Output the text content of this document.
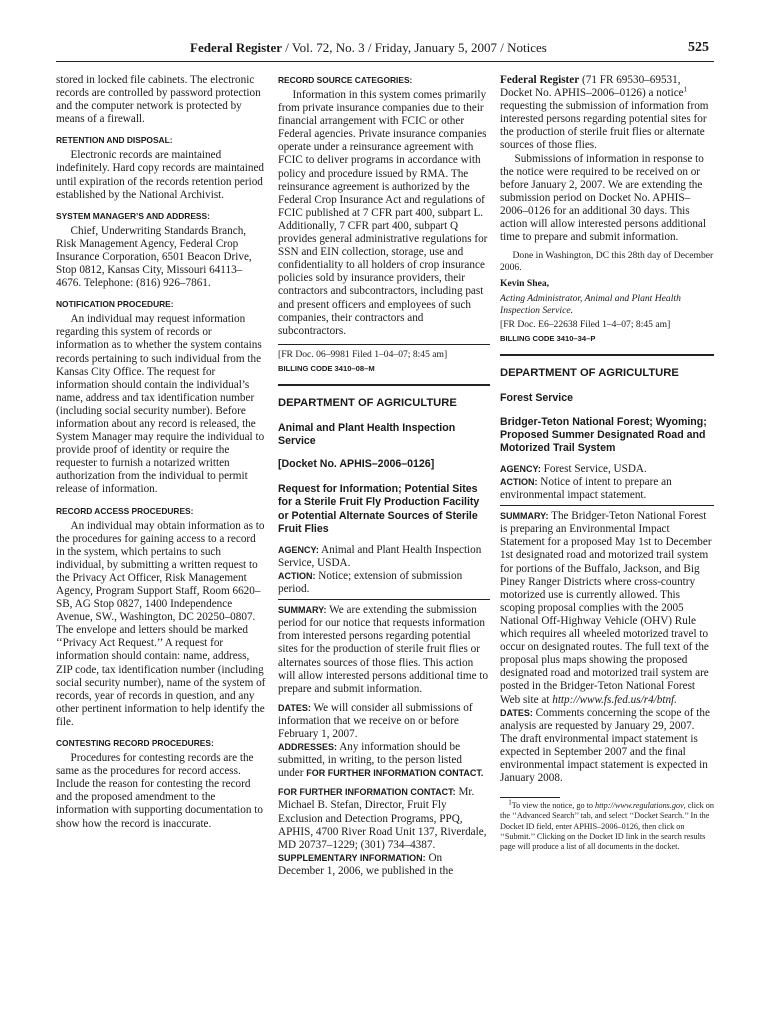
Federal Register / Vol. 72, No. 3 / Friday, January 5, 2007 / Notices	525

stored in locked file cabinets. The electronic records are controlled by password protection and the computer network is protected by means of a firewall.

RETENTION AND DISPOSAL:

Electronic records are maintained indefinitely. Hard copy records are maintained until expiration of the records retention period established by the National Archivist.

SYSTEM MANAGER’S AND ADDRESS:

Chief, Underwriting Standards Branch, Risk Management Agency, Federal Crop Insurance Corporation, 6501 Beacon Drive, Stop 0812, Kansas City, Missouri 64113–4676. Telephone: (816) 926–7861.

NOTIFICATION PROCEDURE:

An individual may request information regarding this system of records or information as to whether the system contains records pertaining to such individual from the Kansas City Office. The request for information should contain the individual’s name, address and tax identification number (including social security number). Before information about any record is released, the System Manager may require the individual to provide proof of identity or require the requester to furnish a notarized written authorization from the individual to permit release of information.

RECORD ACCESS PROCEDURES:

An individual may obtain information as to the procedures for gaining access to a record in the system, which pertains to such individual, by submitting a written request to the Privacy Act Officer, Risk Management Agency, Program Support Staff, Room 6620–SB, AG Stop 0827, 1400 Independence Avenue, SW., Washington, DC 20250–0807. The envelope and letters should be marked ‘‘Privacy Act Request.’’ A request for information should contain: name, address, ZIP code, tax identification number (including social security number), name of the system of records, year of records in question, and any other pertinent information to help identify the file.

CONTESTING RECORD PROCEDURES:

Procedures for contesting records are the same as the procedures for record access. Include the reason for contesting the record and the proposed amendment to the information with supporting documentation to show how the record is inaccurate.

RECORD SOURCE CATEGORIES:

Information in this system comes primarily from private insurance companies due to their financial arrangement with FCIC or other Federal agencies. Private insurance companies operate under a reinsurance agreement with FCIC to deliver programs in accordance with policy and procedure issued by RMA. The reinsurance agreement is authorized by the Federal Crop Insurance Act and regulations of FCIC published at 7 CFR part 400, subpart L. Additionally, 7 CFR part 400, subpart Q provides general administrative regulations for SSN and EIN collection, storage, use and confidentiality to all holders of crop insurance policies sold by insurance providers, their contractors and subcontractors, including past and present officers and employees of such companies, their contractors and subcontractors.

[FR Doc. 06–9981 Filed 1–04–07; 8:45 am]

BILLING CODE 3410–08–M
DEPARTMENT OF AGRICULTURE
Animal and Plant Health Inspection Service
[Docket No. APHIS–2006–0126]
Request for Information; Potential Sites for a Sterile Fruit Fly Production Facility or Potential Alternate Sources of Sterile Fruit Flies

AGENCY: Animal and Plant Health Inspection Service, USDA.

ACTION: Notice; extension of submission period.

SUMMARY: We are extending the submission period for our notice that requests information from interested persons regarding potential sites for the production of sterile fruit flies or alternates sources of those flies. This action will allow interested persons additional time to prepare and submit information.

DATES: We will consider all submissions of information that we receive on or before February 1, 2007.

ADDRESSES: Any information should be submitted, in writing, to the person listed under FOR FURTHER INFORMATION CONTACT.

FOR FURTHER INFORMATION CONTACT: Mr. Michael B. Stefan, Director, Fruit Fly Exclusion and Detection Programs, PPQ, APHIS, 4700 River Road Unit 137, Riverdale, MD 20737–1229; (301) 734–4387.

SUPPLEMENTARY INFORMATION: On December 1, 2006, we published in the

Federal Register (71 FR 69530–69531, Docket No. APHIS–2006–0126) a notice$^1$ requesting the submission of information from interested persons regarding potential sites for the production of sterile fruit flies or alternate sources of those flies.

Submissions of information in response to the notice were required to be received on or before January 2, 2007. We are extending the submission period on Docket No. APHIS–2006–0126 for an additional 30 days. This action will allow interested persons additional time to prepare and submit information.

Done in Washington, DC this 28th day of December 2006.

Kevin Shea,

Acting Administrator, Animal and Plant Health Inspection Service.

[FR Doc. E6–22638 Filed 1–4–07; 8:45 am]

BILLING CODE 3410–34–P
DEPARTMENT OF AGRICULTURE
Forest Service
Bridger-Teton National Forest; Wyoming; Proposed Summer Designated Road and Motorized Trail System

AGENCY: Forest Service, USDA.

ACTION: Notice of intent to prepare an environmental impact statement.

SUMMARY: The Bridger-Teton National Forest is preparing an Environmental Impact Statement for a proposed May 1st to December 1st designated road and motorized trail system for portions of the Buffalo, Jackson, and Big Piney Ranger Districts where cross-country motorized use is currently allowed. This scoping proposal complies with the 2005 National Off-Highway Vehicle (OHV) Rule which requires all wheeled motorized travel to occur on designated routes. The full text of the proposal plus maps showing the proposed designated road and motorized trail system are posted in the Bridger-Teton National Forest Web site at http://www.fs.fed.us/r4/btnf.

DATES: Comments concerning the scope of the analysis are requested by January 29, 2007. The draft environmental impact statement is expected in September 2007 and the final environmental impact statement is expected in January 2008.

$^1$To view the notice, go to http://www.regulations.gov, click on the ‘‘Advanced Search’’ tab, and select ‘‘Docket Search.’’ In the Docket ID field, enter APHIS–2006–0126, then click on ‘‘Submit.’’ Clicking on the Docket ID link in the search results page will produce a list of all documents in the docket.
